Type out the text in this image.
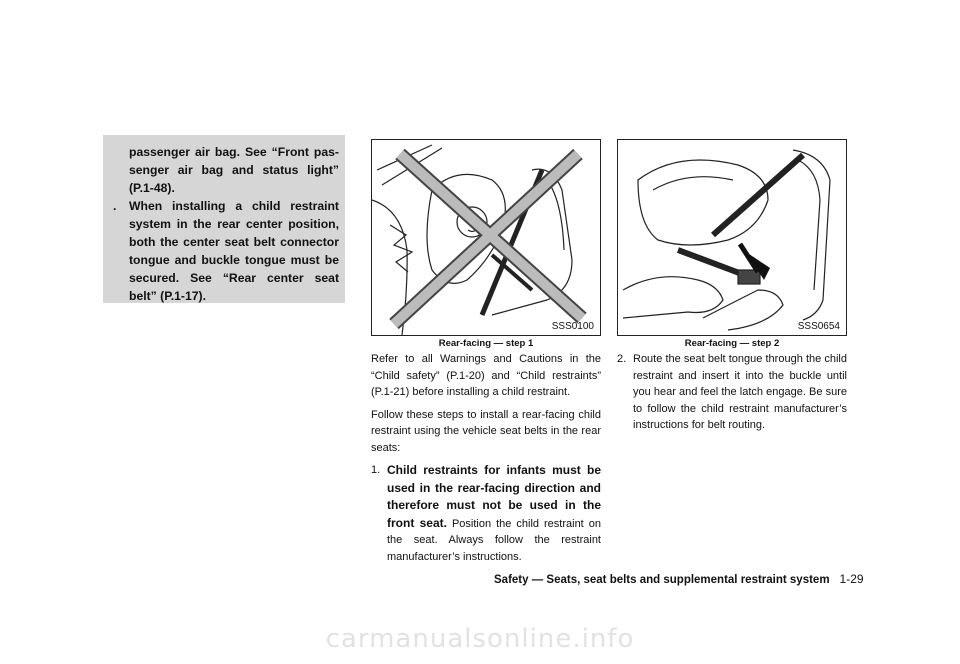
passenger air bag. See “Front pas-senger air bag and status light” (P.1-48).
. When installing a child restraint system in the rear center position, both the center seat belt connector tongue and buckle tongue must be secured. See “Rear center seat belt” (P.1-17).
SSS0100
Rear-facing — step 1
SSS0654
Rear-facing — step 2

Refer to all Warnings and Cautions in the “Child safety” (P.1-20) and “Child restraints” (P.1-21) before installing a child restraint.

Follow these steps to install a rear-facing child restraint using the vehicle seat belts in the rear seats:

1. Child restraints for infants must be used in the rear-facing direction and therefore must not be used in the front seat. Position the child restraint on the seat. Always follow the restraint manufacturer’s instructions.
2. Route the seat belt tongue through the child restraint and insert it into the buckle until you hear and feel the latch engage. Be sure to follow the child restraint manufacturer’s instructions for belt routing.
Safety — Seats, seat belts and supplemental restraint system 1-29
carmanualsonline.info
